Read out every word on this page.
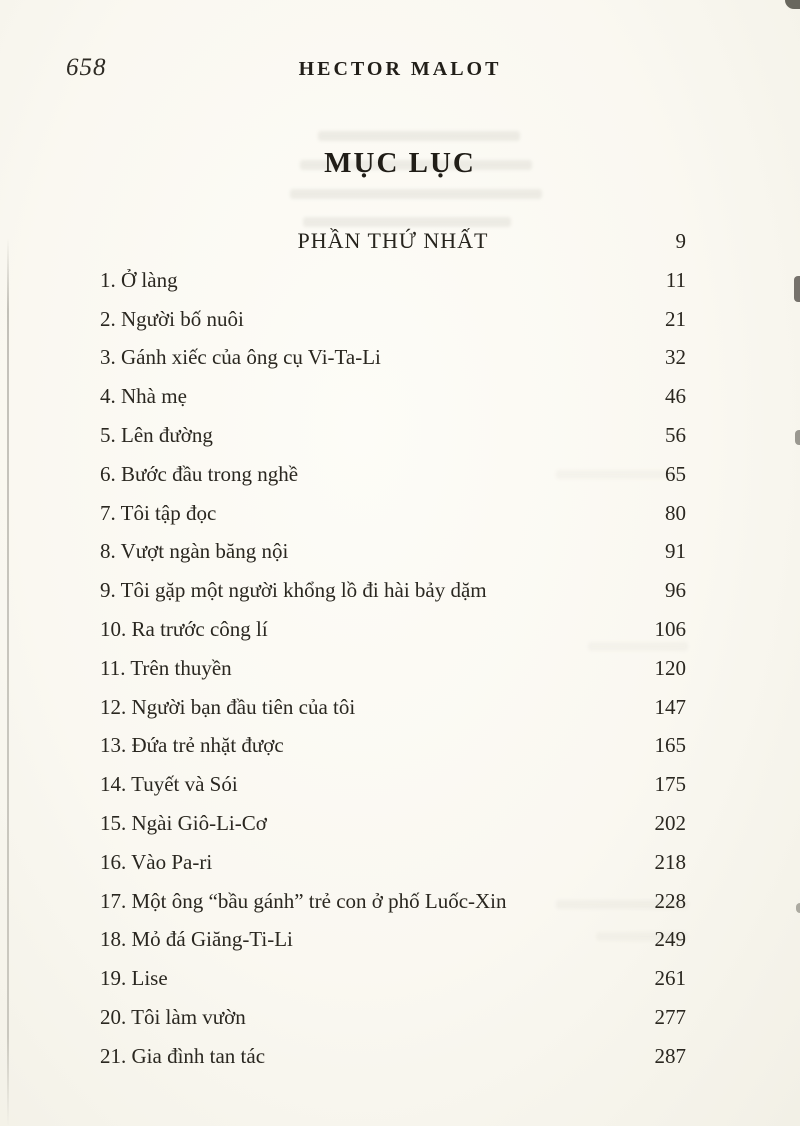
658	HECTOR MALOT
MỤC LỤC
PHẦN THỨ NHẤT	9
1. Ở làng	11
2. Người bố nuôi	21
3. Gánh xiếc của ông cụ Vi-Ta-Li	32
4. Nhà mẹ	46
5. Lên đường	56
6. Bước đầu trong nghề	65
7. Tôi tập đọc	80
8. Vượt ngàn băng nội	91
9. Tôi gặp một người khổng lồ đi hài bảy dặm	96
10. Ra trước công lí	106
11. Trên thuyền	120
12. Người bạn đầu tiên của tôi	147
13. Đứa trẻ nhặt được	165
14. Tuyết và Sói	175
15. Ngài Giô-Li-Cơ	202
16. Vào Pa-ri	218
17. Một ông “bầu gánh” trẻ con ở phố Luốc-Xin	228
18. Mỏ đá Giăng-Ti-Li	249
19. Lise	261
20. Tôi làm vườn	277
21. Gia đình tan tác	287
